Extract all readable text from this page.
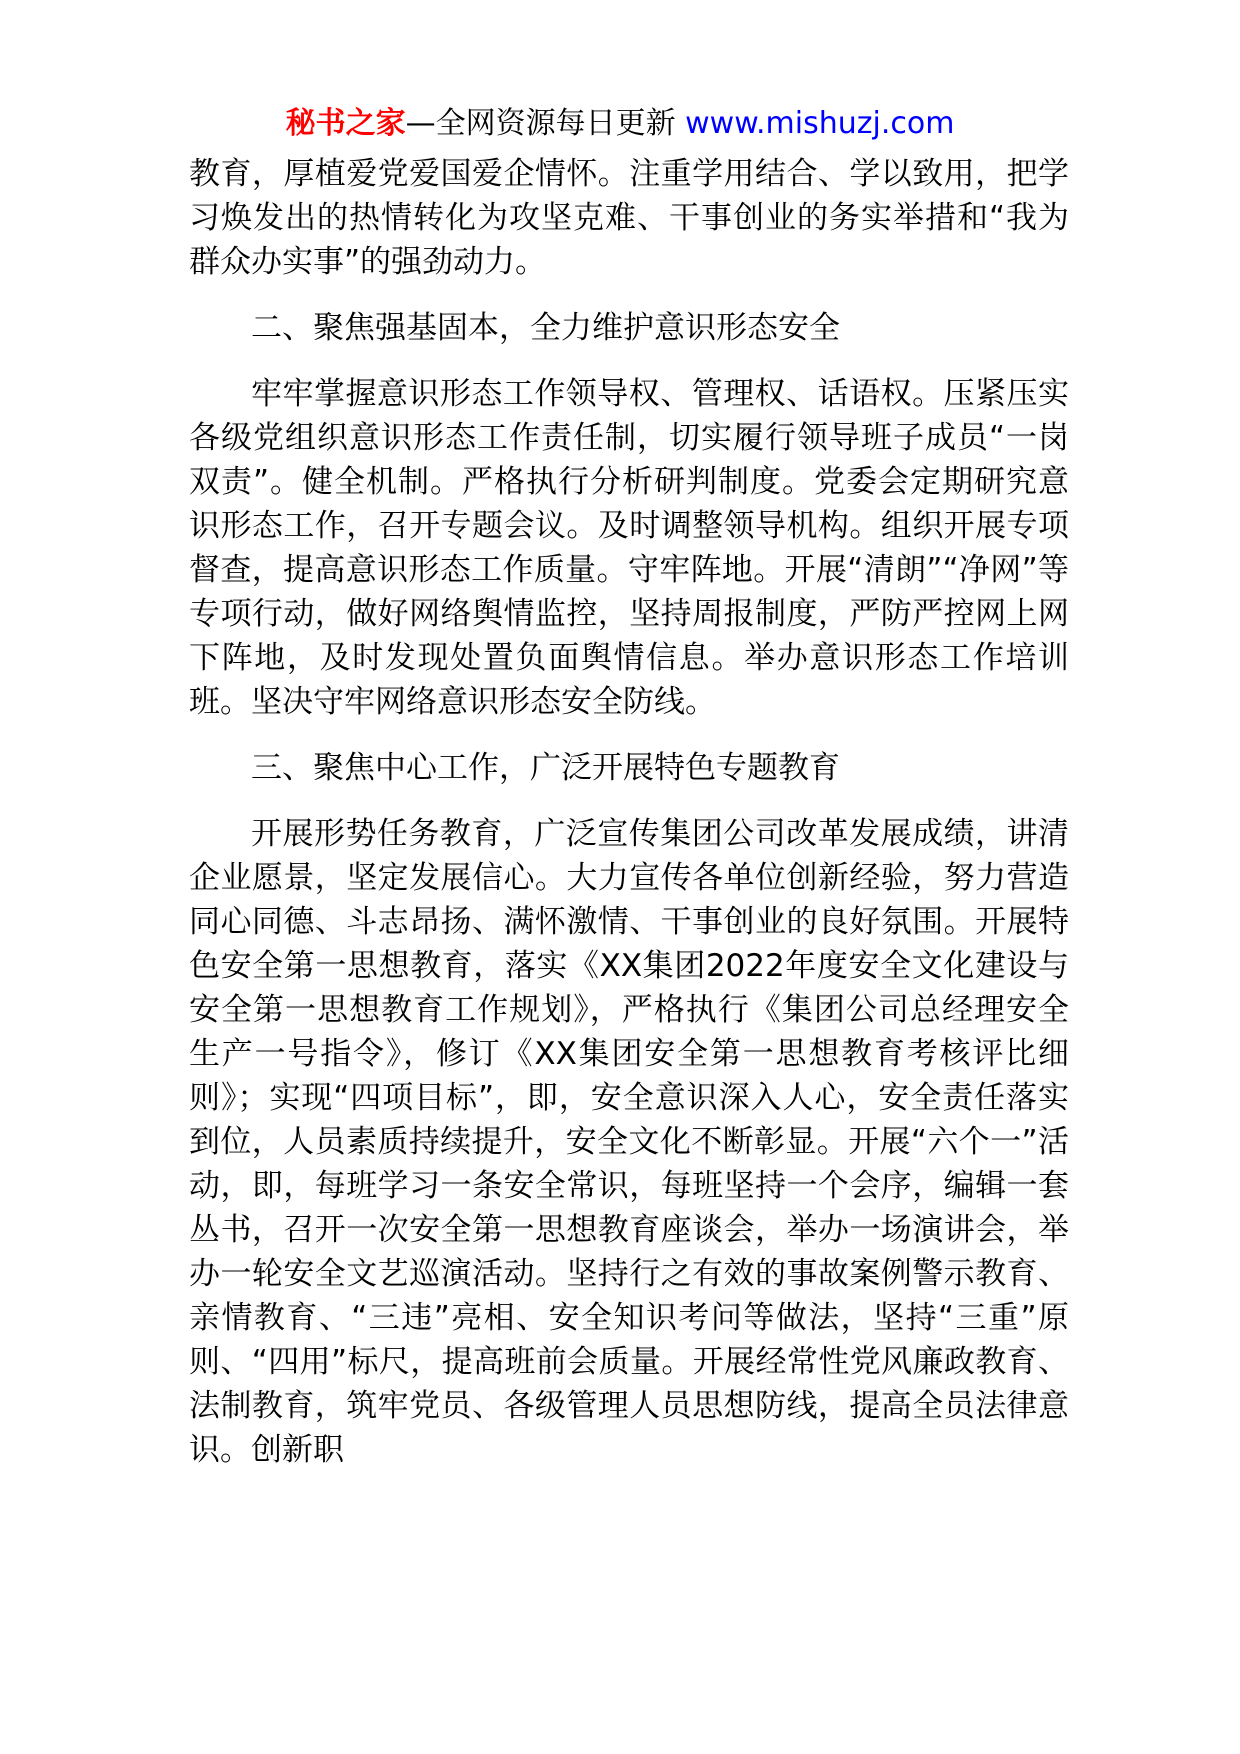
秘书之家—全网资源每日更新 www.mishuzj.com

教育，厚植爱党爱国爱企情怀。注重学用结合、学以致用，把学习焕发出的热情转化为攻坚克难、干事创业的务实举措和“我为群众办实事”的强劲动力。

二、聚焦强基固本，全力维护意识形态安全

牢牢掌握意识形态工作领导权、管理权、话语权。压紧压实各级党组织意识形态工作责任制，切实履行领导班子成员“一岗双责”。健全机制。严格执行分析研判制度。党委会定期研究意识形态工作，召开专题会议。及时调整领导机构。组织开展专项督查，提高意识形态工作质量。守牢阵地。开展“清朗”“净网”等专项行动，做好网络舆情监控，坚持周报制度，严防严控网上网下阵地，及时发现处置负面舆情信息。举办意识形态工作培训班。坚决守牢网络意识形态安全防线。

三、聚焦中心工作，广泛开展特色专题教育

开展形势任务教育，广泛宣传集团公司改革发展成绩，讲清企业愿景，坚定发展信心。大力宣传各单位创新经验，努力营造同心同德、斗志昂扬、满怀激情、干事创业的良好氛围。开展特色安全第一思想教育，落实《XX集团2022年度安全文化建设与安全第一思想教育工作规划》，严格执行《集团公司总经理安全生产一号指令》，修订《XX集团安全第一思想教育考核评比细则》；实现“四项目标”，即，安全意识深入人心，安全责任落实到位，人员素质持续提升，安全文化不断彰显。开展“六个一”活动，即，每班学习一条安全常识，每班坚持一个会序，编辑一套丛书，召开一次安全第一思想教育座谈会，举办一场演讲会，举办一轮安全文艺巡演活动。坚持行之有效的事故案例警示教育、亲情教育、“三违”亮相、安全知识考问等做法，坚持“三重”原则、“四用”标尺，提高班前会质量。开展经常性党风廉政教育、法制教育，筑牢党员、各级管理人员思想防线，提高全员法律意识。创新职
